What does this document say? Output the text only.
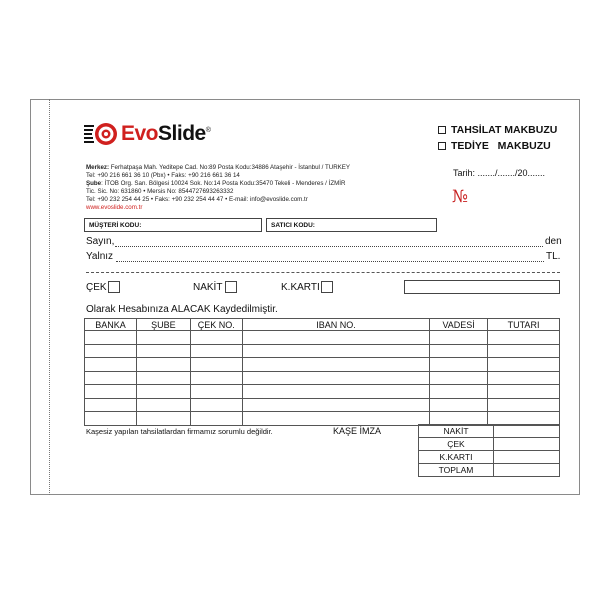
EvoSlide®
Merkez: Ferhatpaşa Mah. Yeditepe Cad. No:89 Posta Kodu:34886 Ataşehir - İstanbul / TURKEY
Tel: +90 216 661 36 10 (Pbx) • Faks: +90 216 661 36 14
Şube: İTOB Org. San. Bölgesi 10024 Sok. No:14 Posta Kodu:35470 Tekeli - Menderes / İZMİR
Tic. Sic. No: 631860 • Mersis No: 8544727693263332
Tel: +90 232 254 44 25 • Faks: +90 232 254 44 47 • E-mail: info@evoslide.com.tr
www.evoslide.com.tr
TAHSİLAT MAKBUZU
TEDİYE   MAKBUZU
Tarih: ......./......./20.......
№
MÜŞTERİ KODU:	SATICI KODU:
Sayın,	den
Yalnız	TL.
ÇEK	NAKİT	K.KARTI
Olarak Hesabınıza ALACAK Kaydedilmiştir.
BANKA	ŞUBE	ÇEK NO.	IBAN NO.	VADESİ	TUTARI

Kaşesiz yapılan tahsilatlardan firmamız sorumlu değildir.	KAŞE İMZA	NAKİT	
ÇEK	
K.KARTI	
TOPLAM	
